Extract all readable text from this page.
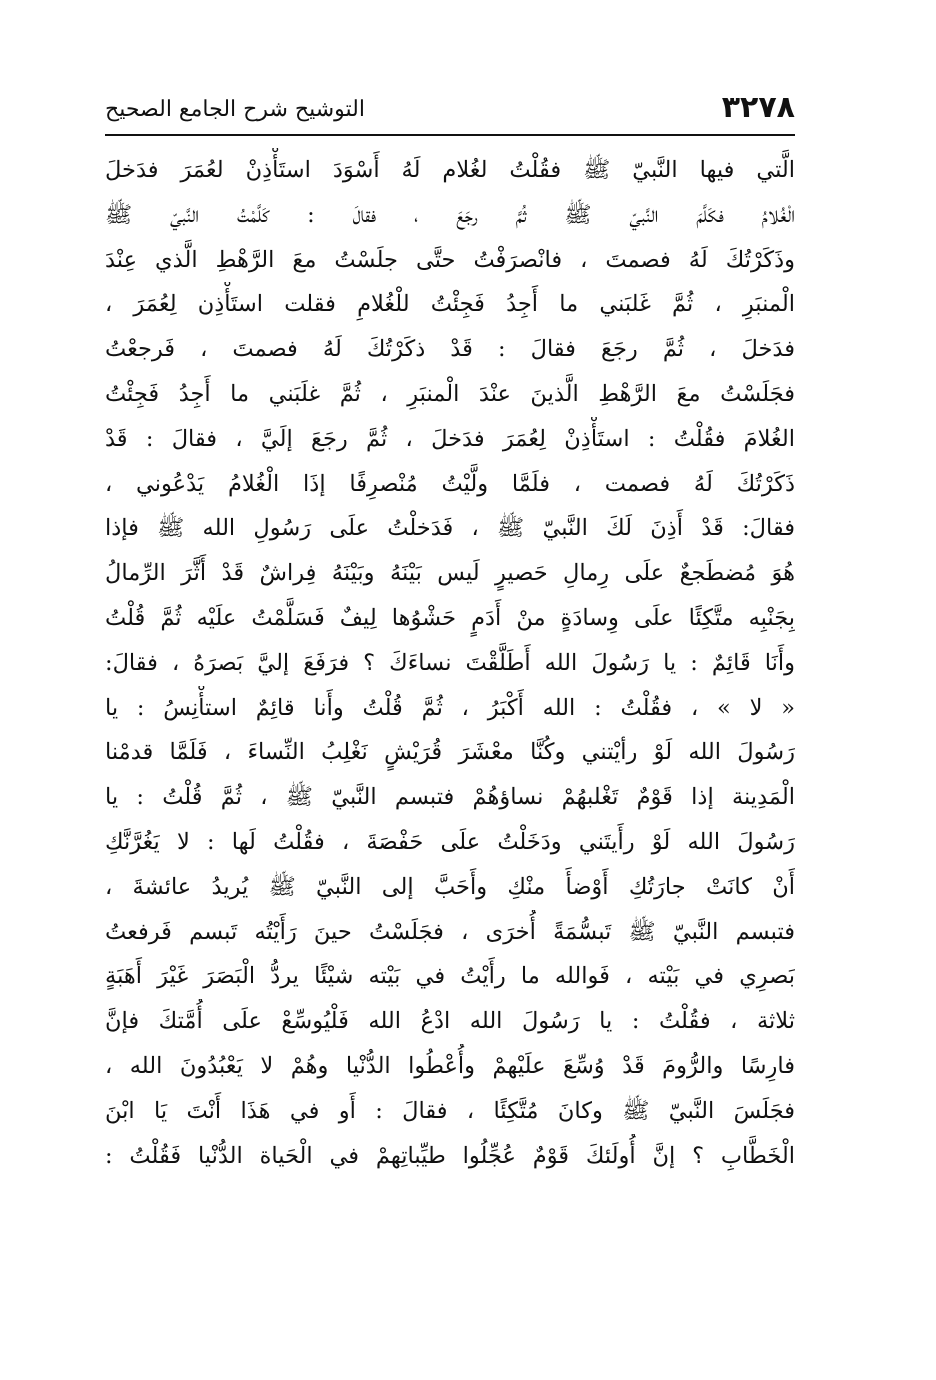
٣٢٧٨
التوشيح شرح الجامع الصحيح
الَّتي فيها النَّبيّ ﷺ فقُلْتُ لغُلام لَهُ أَسْوَدَ استَأْذِنْ لعُمَرَ فدَخلَ
الْغُلامُ فكَلَّمَ النَّبيّ ﷺ ثُمَّ رجَعَ ، فقالَ : كَلَّمْتُ النَّبيّ ﷺ
وذَكَرْتُكَ لَهُ فصمتَ ، فانْصرَفْتُ حتَّى جلَسْتُ معَ الرَّهْطِ الَّذي عِنْدَ
الْمنبَرِ ، ثُمَّ غَلبَني ما أَجِدُ فَجِئْتُ للْغُلامِ فقلت استَأْذِن لِعُمَرَ ،
فدَخلَ ، ثُمَّ رجَعَ فقالَ : قَدْ ذكَرْتُكَ لَهُ فصمتَ ، فَرجعْتُ
فجَلَسْتُ معَ الرَّهْطِ الَّذينَ عنْدَ الْمنبَرِ ، ثُمَّ غلَبَني ما أَجِدُ فَجِئْتُ
الغُلامَ فقُلْتُ : استَأْذِنْ لِعُمَرَ فدَخلَ ، ثُمَّ رجَعَ إلَيَّ ، فقالَ : قَدْ
ذَكَرْتُكَ لَهُ فصمت ، فلَمَّا ولَّيْتُ مُنْصرِفًا إذَا الْغُلامُ يَدْعُوني ،
فقالَ: قَدْ أَذِنَ لَكَ النَّبيّ ﷺ ، فَدَخلْتُ علَى رَسُولِ الله ﷺ فإذا
هُوَ مُضطَجعٌ علَى رِمالِ حَصيرٍ لَيس بَيْنَهُ وبَيْنَهُ فِراشٌ قَدْ أَثَّرَ الرِّمالُ
بِجَنْبِه متَّكِئًا علَى وِسادَةٍ منْ أَدَمٍ حَشْوُها لِيفٌ فَسَلَّمْتُ علَيْه ثُمَّ قُلْتُ
وأَنَا قَائِمٌ : يا رَسُولَ الله أَطَلَّقْتَ نساءَكَ ؟ فرَفَعَ إليَّ بَصرَهُ ، فقالَ:
« لا » ، فقُلْتُ : الله أَكْبَرُ ، ثُمَّ قُلْتُ وأَنا قائِمٌ استأْنِسُ : يا
رَسُولَ الله لَوْ رأيْتني وكُنَّا معْشَرَ قُرَيْشٍ نَغْلِبُ النِّساءَ ، فَلَمَّا قدمْنا
الْمَدِينة إذا قَوْمٌ تَغْلبهُمْ نساؤهُمْ فتبسم النَّبيّ ﷺ ، ثُمَّ قُلْتُ : يا
رَسُولَ الله لَوْ رأَيتَني ودَخَلْتُ علَى حَفْصَةَ ، فقُلْتُ لَها : لا يَغُرَّنَّكِ
أَنْ كانَتْ جارَتُكِ أَوْضأَ منْكِ وأَحَبَّ إلى النَّبيّ ﷺ يُريدُ عائشةَ ،
فتبسم النَّبيّ ﷺ تَبسُّمَةً أُخرَى ، فجَلَسْتُ حينَ رَأَيْتُه تَبسم فَرفعتُ
بَصرِي في بَيْته ، فَوالله ما رأَيْتُ في بَيْته شيْئًا يردُّ الْبَصَرَ غَيْرَ أَهَبَةٍ
ثلاثة ، فقُلْتُ : يا رَسُولَ الله ادْعُ الله فَلْيُوسِّعْ علَى أُمَّتكَ فإنَّ
فارِسًا والرُّومَ قَدْ وُسِّعَ علَيْهمْ وأُعْطُوا الدُّنْيا وهُمْ لا يَعْبُدُونَ الله ،
فجَلَسَ النَّبيّ ﷺ وكانَ مُتَّكِئًا ، فقالَ : أَو في هَذَا أَنْتَ يَا ابْنَ
الْخَطَّابِ ؟ إنَّ أُولَئكَ قَوْمٌ عُجِّلُوا طيِّباتِهمْ في الْحَياة الدُّنْيا فَقُلْتُ :
